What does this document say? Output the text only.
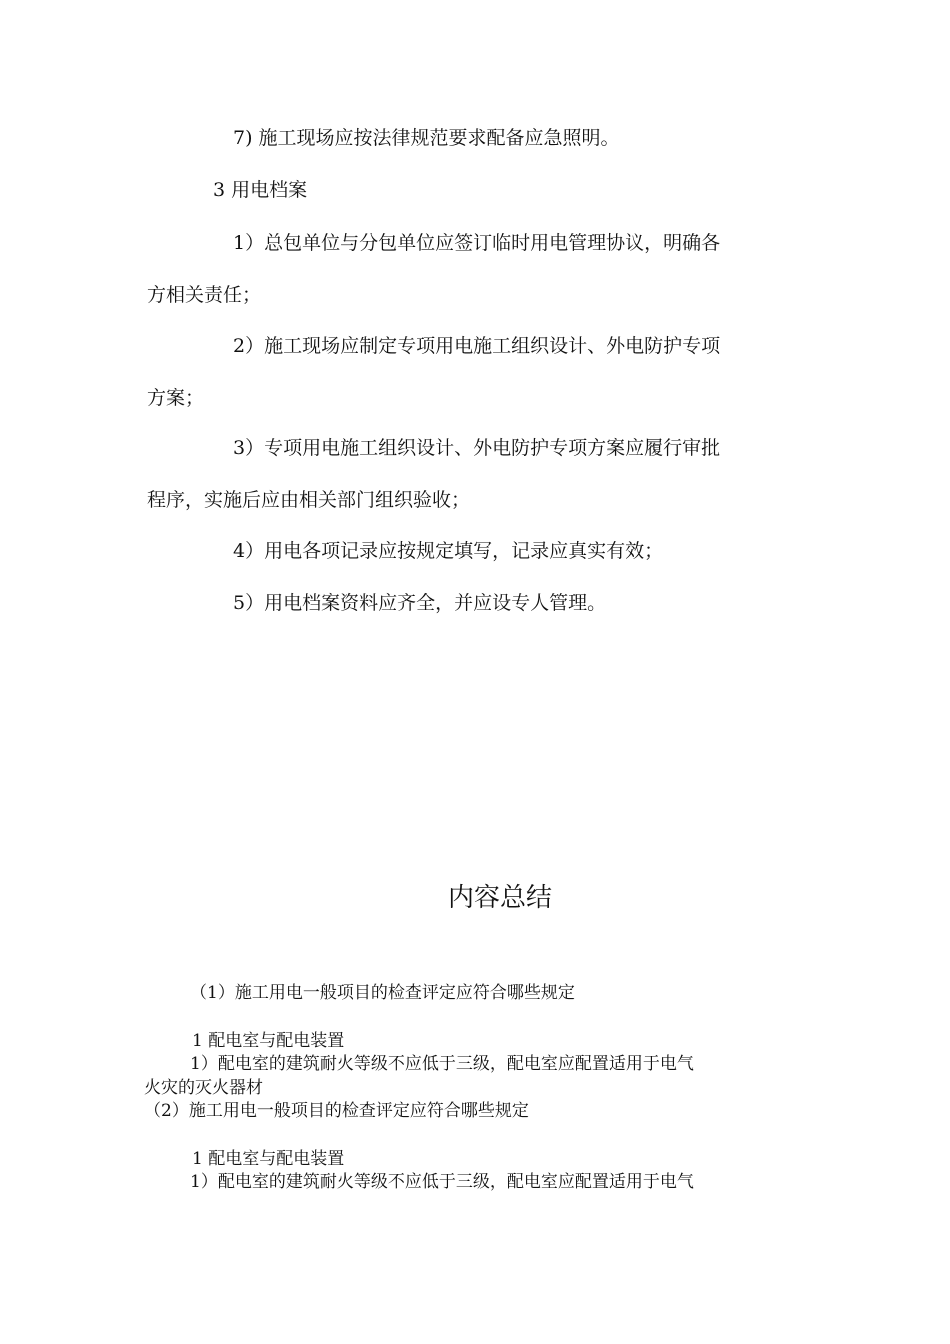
7) 施工现场应按法律规范要求配备应急照明。
3 用电档案
1）总包单位与分包单位应签订临时用电管理协议，明确各
方相关责任；
2）施工现场应制定专项用电施工组织设计、外电防护专项
方案；
3）专项用电施工组织设计、外电防护专项方案应履行审批
程序，实施后应由相关部门组织验收；
4）用电各项记录应按规定填写，记录应真实有效；
5）用电档案资料应齐全，并应设专人管理。
内容总结
（1）施工用电一般项目的检查评定应符合哪些规定
1 配电室与配电装置
1）配电室的建筑耐火等级不应低于三级，配电室应配置适用于电气
火灾的灭火器材
（2）施工用电一般项目的检查评定应符合哪些规定
1 配电室与配电装置
1）配电室的建筑耐火等级不应低于三级，配电室应配置适用于电气
